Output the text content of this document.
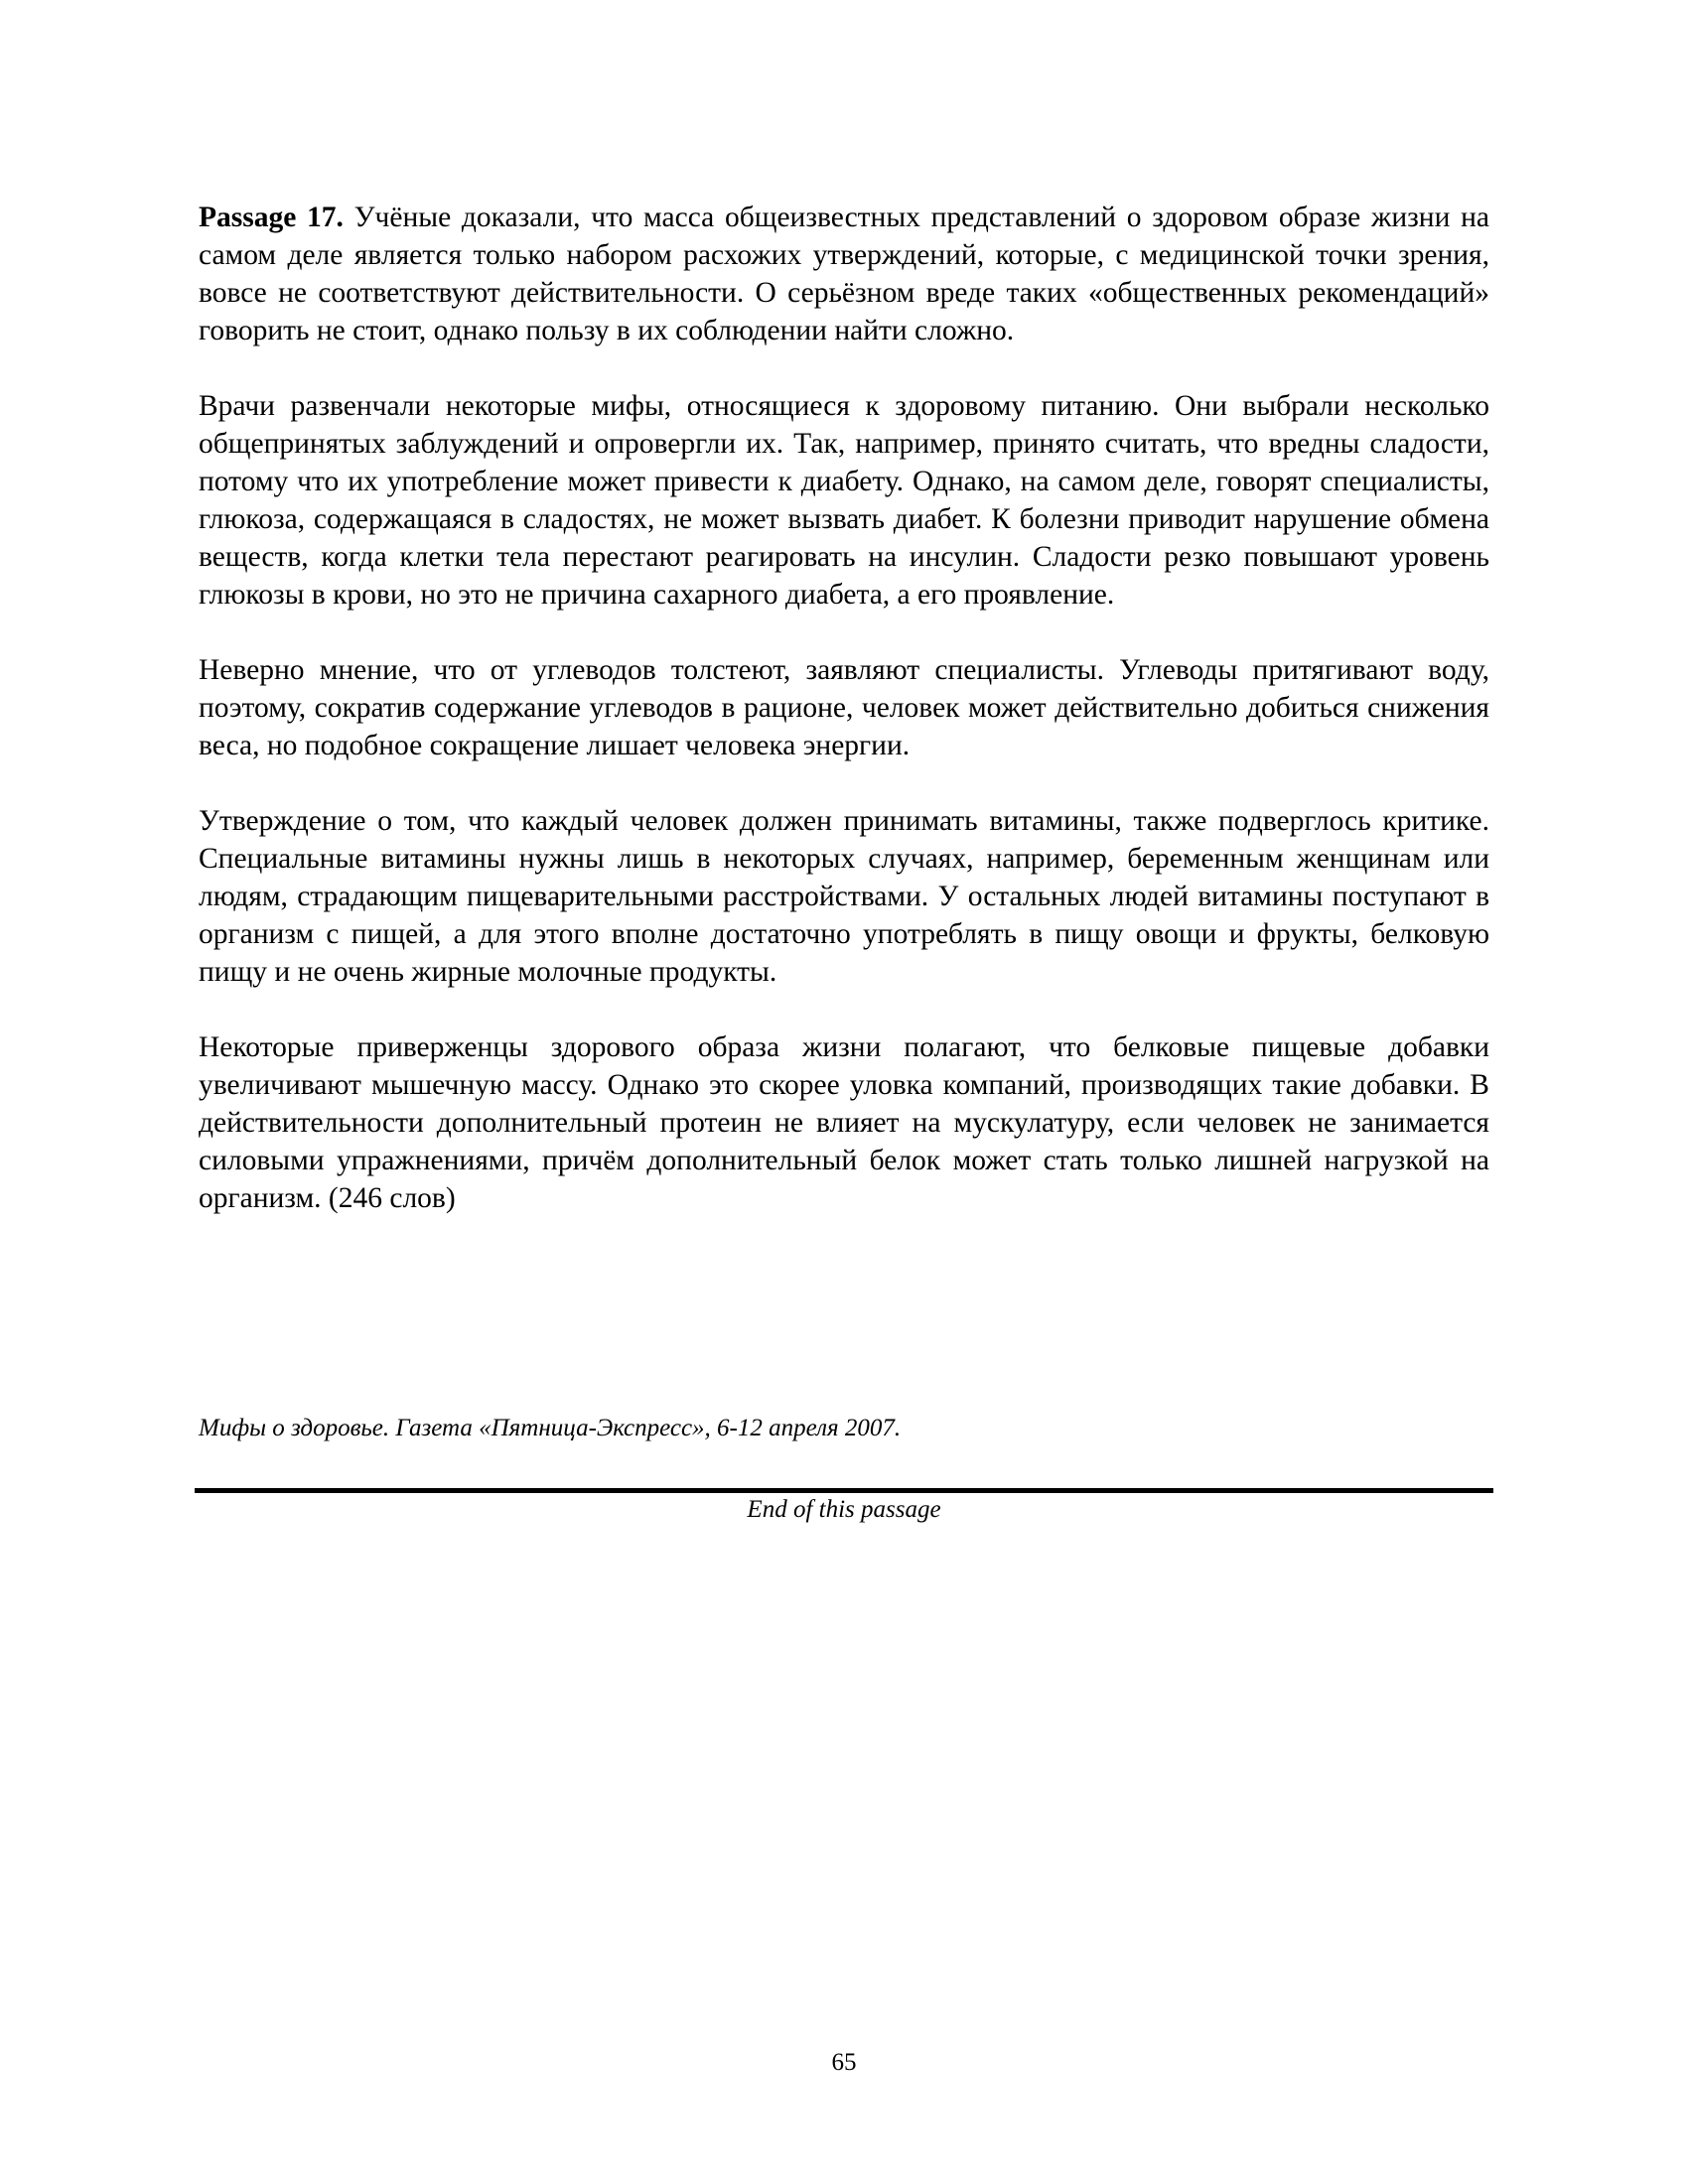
Passage 17. Учёные доказали, что масса общеизвестных представлений о здоровом образе жизни на самом деле является только набором расхожих утверждений, которые, с медицинской точки зрения, вовсе не соответствуют действительности. О серьёзном вреде таких «общественных рекомендаций» говорить не стоит, однако пользу в их соблюдении найти сложно.

Врачи развенчали некоторые мифы, относящиеся к здоровому питанию. Они выбрали несколько общепринятых заблуждений и опровергли их. Так, например, принято считать, что вредны сладости, потому что их употребление может привести к диабету. Однако, на самом деле, говорят специалисты, глюкоза, содержащаяся в сладостях, не может вызвать диабет. К болезни приводит нарушение обмена веществ, когда клетки тела перестают реагировать на инсулин. Сладости резко повышают уровень глюкозы в крови, но это не причина сахарного диабета, а его проявление.

Неверно мнение, что от углеводов толстеют, заявляют специалисты. Углеводы притягивают воду, поэтому, сократив содержание углеводов в рационе, человек может действительно добиться снижения веса, но подобное сокращение лишает человека энергии.

Утверждение о том, что каждый человек должен принимать витамины, также подверглось критике. Специальные витамины нужны лишь в некоторых случаях, например, беременным женщинам или людям, страдающим пищеварительными расстройствами. У остальных людей витамины поступают в организм с пищей, а для этого вполне достаточно употреблять в пищу овощи и фрукты, белковую пищу и не очень жирные молочные продукты.

Некоторые приверженцы здорового образа жизни полагают, что белковые пищевые добавки увеличивают мышечную массу. Однако это скорее уловка компаний, производящих такие добавки. В действительности дополнительный протеин не влияет на мускулатуру, если человек не занимается силовыми упражнениями, причём дополнительный белок может стать только лишней нагрузкой на организм. (246 слов)

Мифы о здоровье. Газета «Пятница-Экспресс», 6-12 апреля 2007.

End of this passage

65
